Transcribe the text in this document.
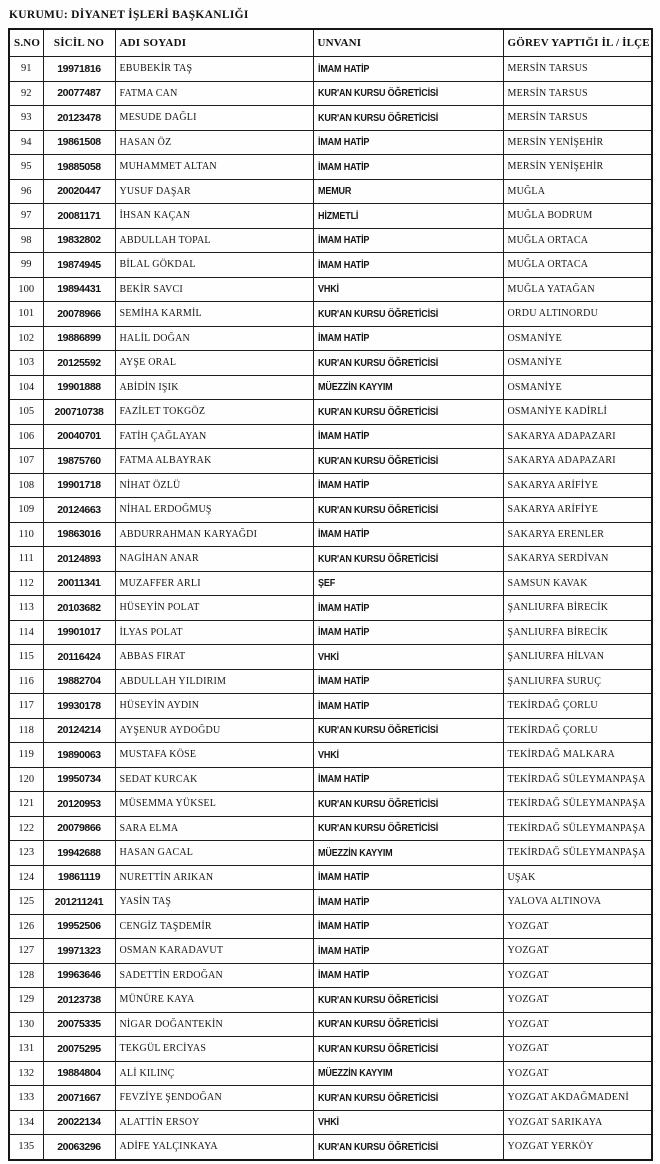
KURUMU: DİYANET İŞLERİ BAŞKANLIĞI
S.NO	SİCİL NO	ADI SOYADI	UNVANI	GÖREV YAPTIĞI İL / İLÇE
91	19971816	EBUBEKİR TAŞ	İMAM HATİP	MERSİN TARSUS
92	20077487	FATMA CAN	KUR'AN KURSU ÖĞRETİCİSİ	MERSİN TARSUS
93	20123478	MESUDE DAĞLI	KUR'AN KURSU ÖĞRETİCİSİ	MERSİN TARSUS
94	19861508	HASAN ÖZ	İMAM HATİP	MERSİN YENİŞEHİR
95	19885058	MUHAMMET ALTAN	İMAM HATİP	MERSİN YENİŞEHİR
96	20020447	YUSUF DAŞAR	MEMUR	MUĞLA
97	20081171	İHSAN KAÇAN	HİZMETLİ	MUĞLA BODRUM
98	19832802	ABDULLAH TOPAL	İMAM HATİP	MUĞLA ORTACA
99	19874945	BİLAL GÖKDAL	İMAM HATİP	MUĞLA ORTACA
100	19894431	BEKİR SAVCI	VHKİ	MUĞLA YATAĞAN
101	20078966	SEMİHA KARMİL	KUR'AN KURSU ÖĞRETİCİSİ	ORDU ALTINORDU
102	19886899	HALİL DOĞAN	İMAM HATİP	OSMANİYE
103	20125592	AYŞE ORAL	KUR'AN KURSU ÖĞRETİCİSİ	OSMANİYE
104	19901888	ABİDİN IŞIK	MÜEZZİN KAYYIM	OSMANİYE
105	200710738	FAZİLET TOKGÖZ	KUR'AN KURSU ÖĞRETİCİSİ	OSMANİYE KADİRLİ
106	20040701	FATİH ÇAĞLAYAN	İMAM HATİP	SAKARYA ADAPAZARI
107	19875760	FATMA ALBAYRAK	KUR'AN KURSU ÖĞRETİCİSİ	SAKARYA ADAPAZARI
108	19901718	NİHAT ÖZLÜ	İMAM HATİP	SAKARYA ARİFİYE
109	20124663	NİHAL ERDOĞMUŞ	KUR'AN KURSU ÖĞRETİCİSİ	SAKARYA ARİFİYE
110	19863016	ABDURRAHMAN KARYAĞDI	İMAM HATİP	SAKARYA ERENLER
111	20124893	NAGİHAN ANAR	KUR'AN KURSU ÖĞRETİCİSİ	SAKARYA SERDİVAN
112	20011341	MUZAFFER ARLI	ŞEF	SAMSUN KAVAK
113	20103682	HÜSEYİN POLAT	İMAM HATİP	ŞANLIURFA BİRECİK
114	19901017	İLYAS POLAT	İMAM HATİP	ŞANLIURFA BİRECİK
115	20116424	ABBAS FIRAT	VHKİ	ŞANLIURFA HİLVAN
116	19882704	ABDULLAH YILDIRIM	İMAM HATİP	ŞANLIURFA SURUÇ
117	19930178	HÜSEYİN AYDIN	İMAM HATİP	TEKİRDAĞ ÇORLU
118	20124214	AYŞENUR AYDOĞDU	KUR'AN KURSU ÖĞRETİCİSİ	TEKİRDAĞ ÇORLU
119	19890063	MUSTAFA KÖSE	VHKİ	TEKİRDAĞ MALKARA
120	19950734	SEDAT KURCAK	İMAM HATİP	TEKİRDAĞ SÜLEYMANPAŞA
121	20120953	MÜSEMMA YÜKSEL	KUR'AN KURSU ÖĞRETİCİSİ	TEKİRDAĞ SÜLEYMANPAŞA
122	20079866	SARA ELMA	KUR'AN KURSU ÖĞRETİCİSİ	TEKİRDAĞ SÜLEYMANPAŞA
123	19942688	HASAN GACAL	MÜEZZİN KAYYIM	TEKİRDAĞ SÜLEYMANPAŞA
124	19861119	NURETTİN ARIKAN	İMAM HATİP	UŞAK
125	201211241	YASİN TAŞ	İMAM HATİP	YALOVA ALTINOVA
126	19952506	CENGİZ TAŞDEMİR	İMAM HATİP	YOZGAT
127	19971323	OSMAN KARADAVUT	İMAM HATİP	YOZGAT
128	19963646	SADETTİN ERDOĞAN	İMAM HATİP	YOZGAT
129	20123738	MÜNÜRE KAYA	KUR'AN KURSU ÖĞRETİCİSİ	YOZGAT
130	20075335	NİGAR DOĞANTEKİN	KUR'AN KURSU ÖĞRETİCİSİ	YOZGAT
131	20075295	TEKGÜL ERCİYAS	KUR'AN KURSU ÖĞRETİCİSİ	YOZGAT
132	19884804	ALİ KILINÇ	MÜEZZİN KAYYIM	YOZGAT
133	20071667	FEVZİYE ŞENDOĞAN	KUR'AN KURSU ÖĞRETİCİSİ	YOZGAT AKDAĞMADENİ
134	20022134	ALATTİN ERSOY	VHKİ	YOZGAT SARIKAYA
135	20063296	ADİFE YALÇINKAYA	KUR'AN KURSU ÖĞRETİCİSİ	YOZGAT YERKÖY
